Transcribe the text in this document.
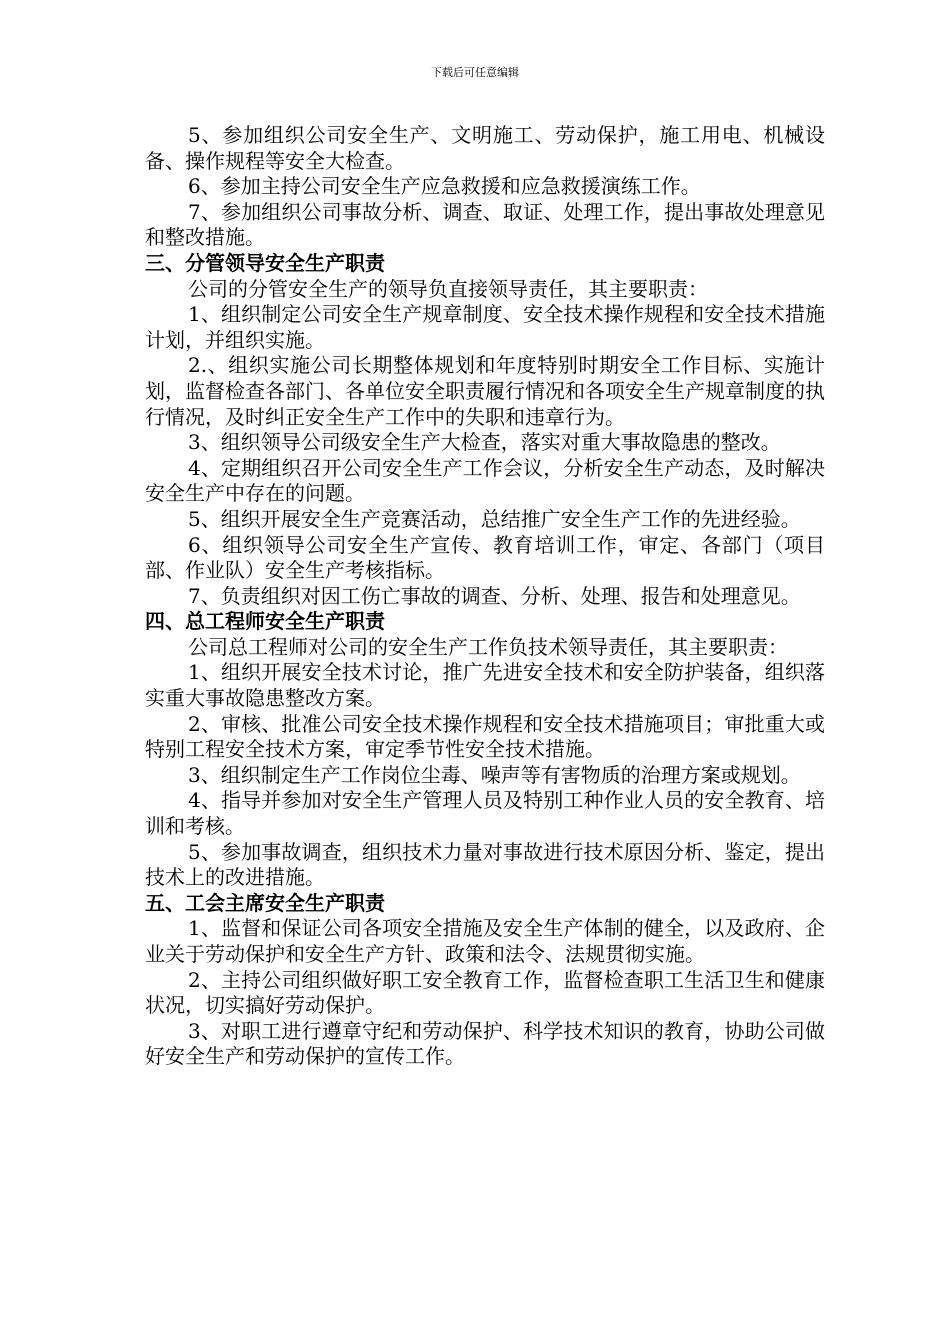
下载后可任意编辑

5、参加组织公司安全生产、文明施工、劳动保护，施工用电、机械设备、操作规程等安全大检查。

6、参加主持公司安全生产应急救援和应急救援演练工作。

7、参加组织公司事故分析、调查、取证、处理工作，提出事故处理意见和整改措施。

三、分管领导安全生产职责

公司的分管安全生产的领导负直接领导责任，其主要职责：

1、组织制定公司安全生产规章制度、安全技术操作规程和安全技术措施计划，并组织实施。

2.、组织实施公司长期整体规划和年度特别时期安全工作目标、实施计划，监督检查各部门、各单位安全职责履行情况和各项安全生产规章制度的执行情况，及时纠正安全生产工作中的失职和违章行为。

3、组织领导公司级安全生产大检查，落实对重大事故隐患的整改。

4、定期组织召开公司安全生产工作会议，分析安全生产动态，及时解决安全生产中存在的问题。

5、组织开展安全生产竞赛活动，总结推广安全生产工作的先进经验。

6、组织领导公司安全生产宣传、教育培训工作，审定、各部门（项目部、作业队）安全生产考核指标。

7、负责组织对因工伤亡事故的调查、分析、处理、报告和处理意见。

四、总工程师安全生产职责

公司总工程师对公司的安全生产工作负技术领导责任，其主要职责：

1、组织开展安全技术讨论，推广先进安全技术和安全防护装备，组织落实重大事故隐患整改方案。

2、审核、批准公司安全技术操作规程和安全技术措施项目；审批重大或特别工程安全技术方案，审定季节性安全技术措施。

3、组织制定生产工作岗位尘毒、噪声等有害物质的治理方案或规划。

4、指导并参加对安全生产管理人员及特别工种作业人员的安全教育、培训和考核。

5、参加事故调查，组织技术力量对事故进行技术原因分析、鉴定，提出技术上的改进措施。

五、工会主席安全生产职责

1、监督和保证公司各项安全措施及安全生产体制的健全，以及政府、企业关于劳动保护和安全生产方针、政策和法令、法规贯彻实施。

2、主持公司组织做好职工安全教育工作，监督检查职工生活卫生和健康状况，切实搞好劳动保护。

3、对职工进行遵章守纪和劳动保护、科学技术知识的教育，协助公司做好安全生产和劳动保护的宣传工作。
